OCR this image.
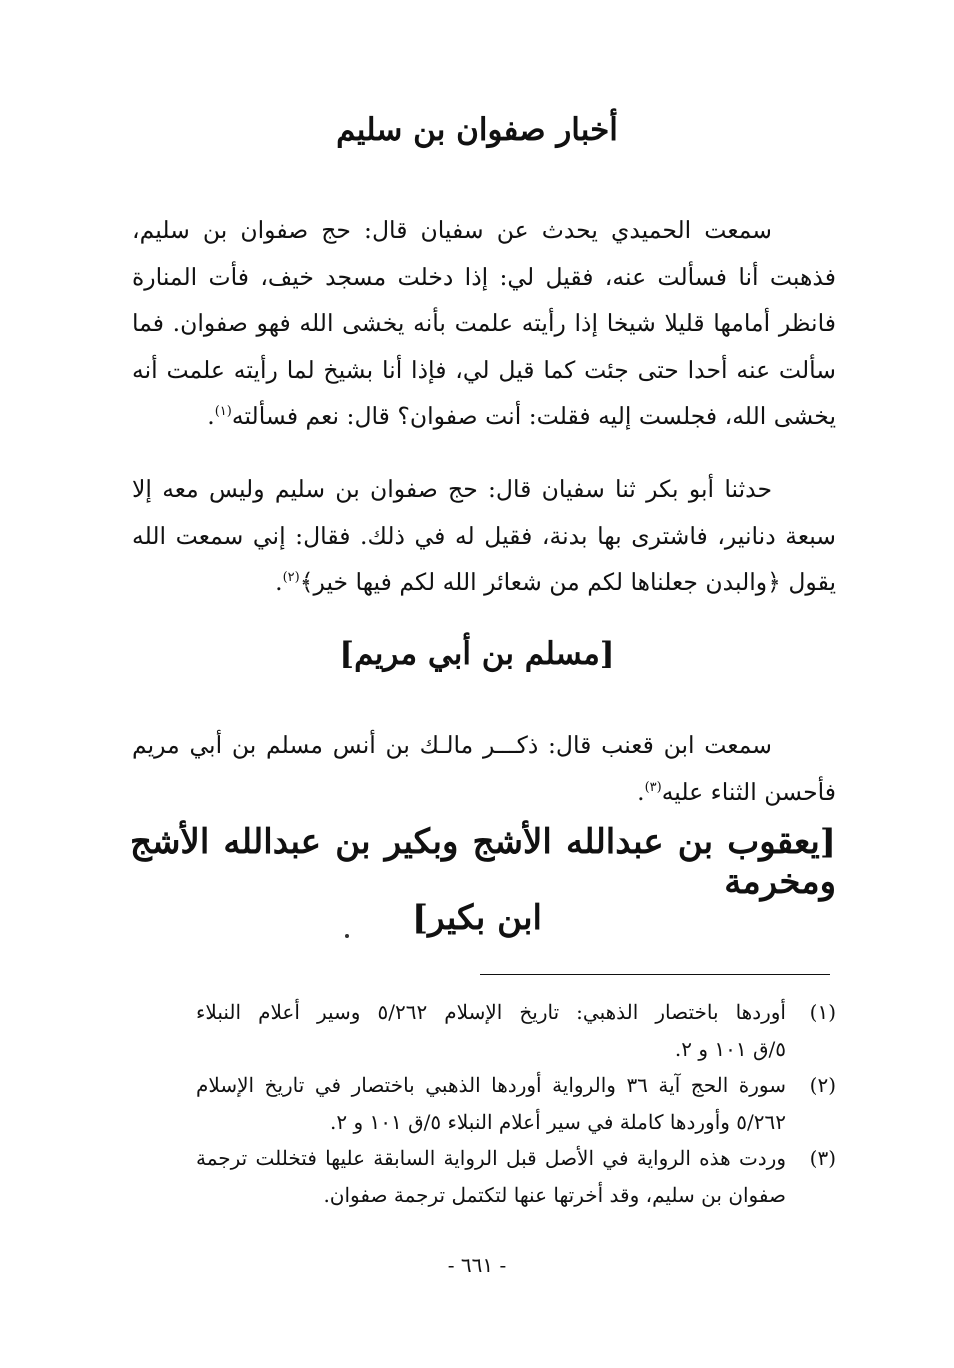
أخبار صفوان بن سليم
سمعت الحميدي يحدث عن سفيان قال: حج صفوان بن سليم،
فذهبت أنا فسألت عنه، فقيل لي: إذا دخلت مسجد خيف، فأت المنارة
فانظر أمامها قليلا شيخا إذا رأيته علمت بأنه يخشى الله فهو صفوان. فما
سألت عنه أحدا حتى جئت كما قيل لي، فإذا أنا بشيخ لما رأيته علمت أنه
يخشى الله، فجلست إليه فقلت: أنت صفوان؟ قال: نعم فسألته$^{(١)}$.
حدثنا أبو بكر ثنا سفيان قال: حج صفوان بن سليم وليس معه إلا
سبعة دنانير، فاشترى بها بدنة، فقيل له في ذلك. فقال: إني سمعت الله
يقول ﴿والبدن جعلناها لكم من شعائر الله لكم فيها خير﴾$^{(٢)}$.
[مسلم بن أبي مريم]
سمعت ابن قعنب قال: ذكـــر مالـك بن أنس مسلم بن أبي مريم
فأحسن الثناء عليه$^{(٣)}$.
[يعقوب بن عبدالله الأشج وبكير بن عبدالله الأشج ومخرمة
ابن بكير]
(١)
أوردها باختصار الذهبي: تاريخ الإسلام ٥/٢٦٢ وسير أعلام النبلاء
٥/ق ١٠١ و ٢.
(٢)
سورة الحج آية ٣٦ والرواية أوردها الذهبي باختصار في تاريخ الإسلام
٥/٢٦٢ وأوردها كاملة في سير أعلام النبلاء ٥/ق ١٠١ و ٢.
(٣)
وردت هذه الرواية في الأصل قبل الرواية السابقة عليها فتخللت ترجمة
صفوان بن سليم، وقد أخرتها عنها لتكتمل ترجمة صفوان.
- ٦٦١ -
